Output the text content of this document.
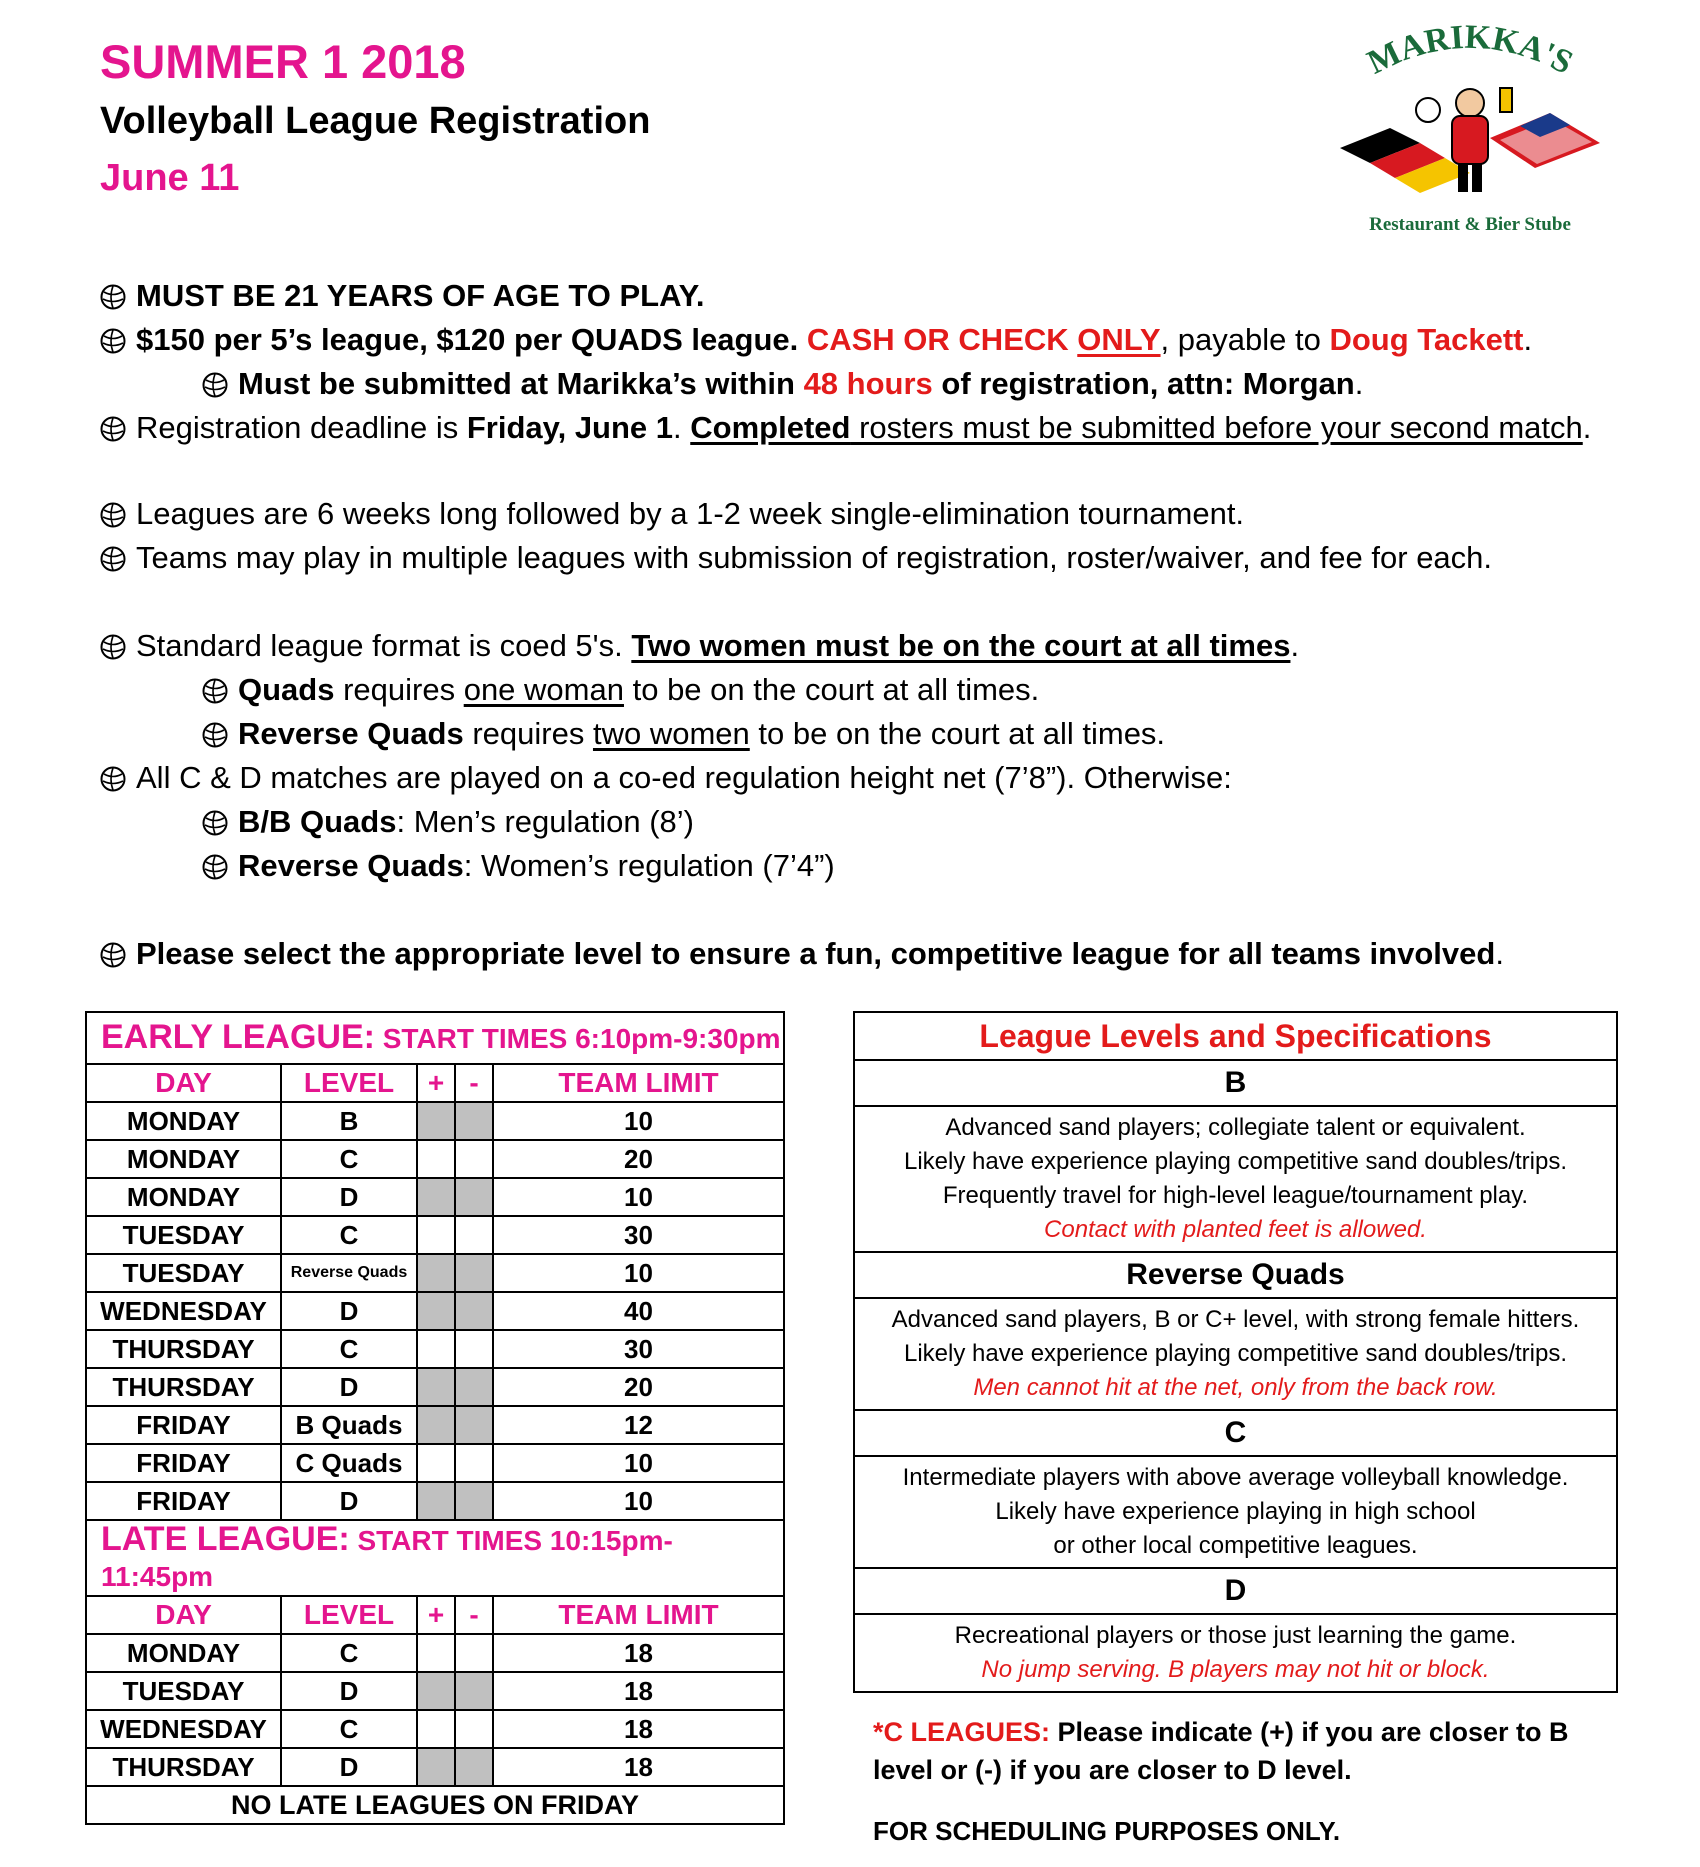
SUMMER 1 2018
Volleyball League Registration
June 11
MARIKKA'S
Restaurant & Bier Stube
MUST BE 21 YEARS OF AGE TO PLAY.
$150 per 5’s league, $120 per QUADS league. CASH OR CHECK ONLY, payable to Doug Tackett.
Must be submitted at Marikka’s within 48 hours of registration, attn: Morgan.
Registration deadline is Friday, June 1. Completed rosters must be submitted before your second match.
Leagues are 6 weeks long followed by a 1-2 week single-elimination tournament.
Teams may play in multiple leagues with submission of registration, roster/waiver, and fee for each.
Standard league format is coed 5's. Two women must be on the court at all times.
Quads requires one woman to be on the court at all times.
Reverse Quads requires two women to be on the court at all times.
All C & D matches are played on a co-ed regulation height net (7’8”). Otherwise:
B/B Quads: Men’s regulation (8’)
Reverse Quads: Women’s regulation (7’4”)
Please select the appropriate level to ensure a fun, competitive league for all teams involved.
EARLY LEAGUE: START TIMES 6:10pm-9:30pm				
DAY	LEVEL	+	-	TEAM LIMIT
MONDAY	B			10
MONDAY	C			20
MONDAY	D			10
TUESDAY	C			30
TUESDAY	Reverse Quads			10
WEDNESDAY	D			40
THURSDAY	C			30
THURSDAY	D			20
FRIDAY	B Quads			12
FRIDAY	C Quads			10
FRIDAY	D			10
LATE LEAGUE: START TIMES 10:15pm-11:45pm				
DAY	LEVEL	+	-	TEAM LIMIT
MONDAY	C			18
TUESDAY	D			18
WEDNESDAY	C			18
THURSDAY	D			18
NO LATE LEAGUES ON FRIDAY				
League Levels and Specifications
B

Advanced sand players; collegiate talent or equivalent.
Likely have experience playing competitive sand doubles/trips.
Frequently travel for high-level league/tournament play.
Contact with planted feet is allowed.

Reverse Quads

Advanced sand players, B or C+ level, with strong female hitters.
Likely have experience playing competitive sand doubles/trips.
Men cannot hit at the net, only from the back row.

C

Intermediate players with above average volleyball knowledge.
Likely have experience playing in high school
or other local competitive leagues.

D

Recreational players or those just learning the game.
No jump serving. B players may not hit or block.
*C LEAGUES: Please indicate (+) if you are closer to B level or (-) if you are closer to D level.
FOR SCHEDULING PURPOSES ONLY.
